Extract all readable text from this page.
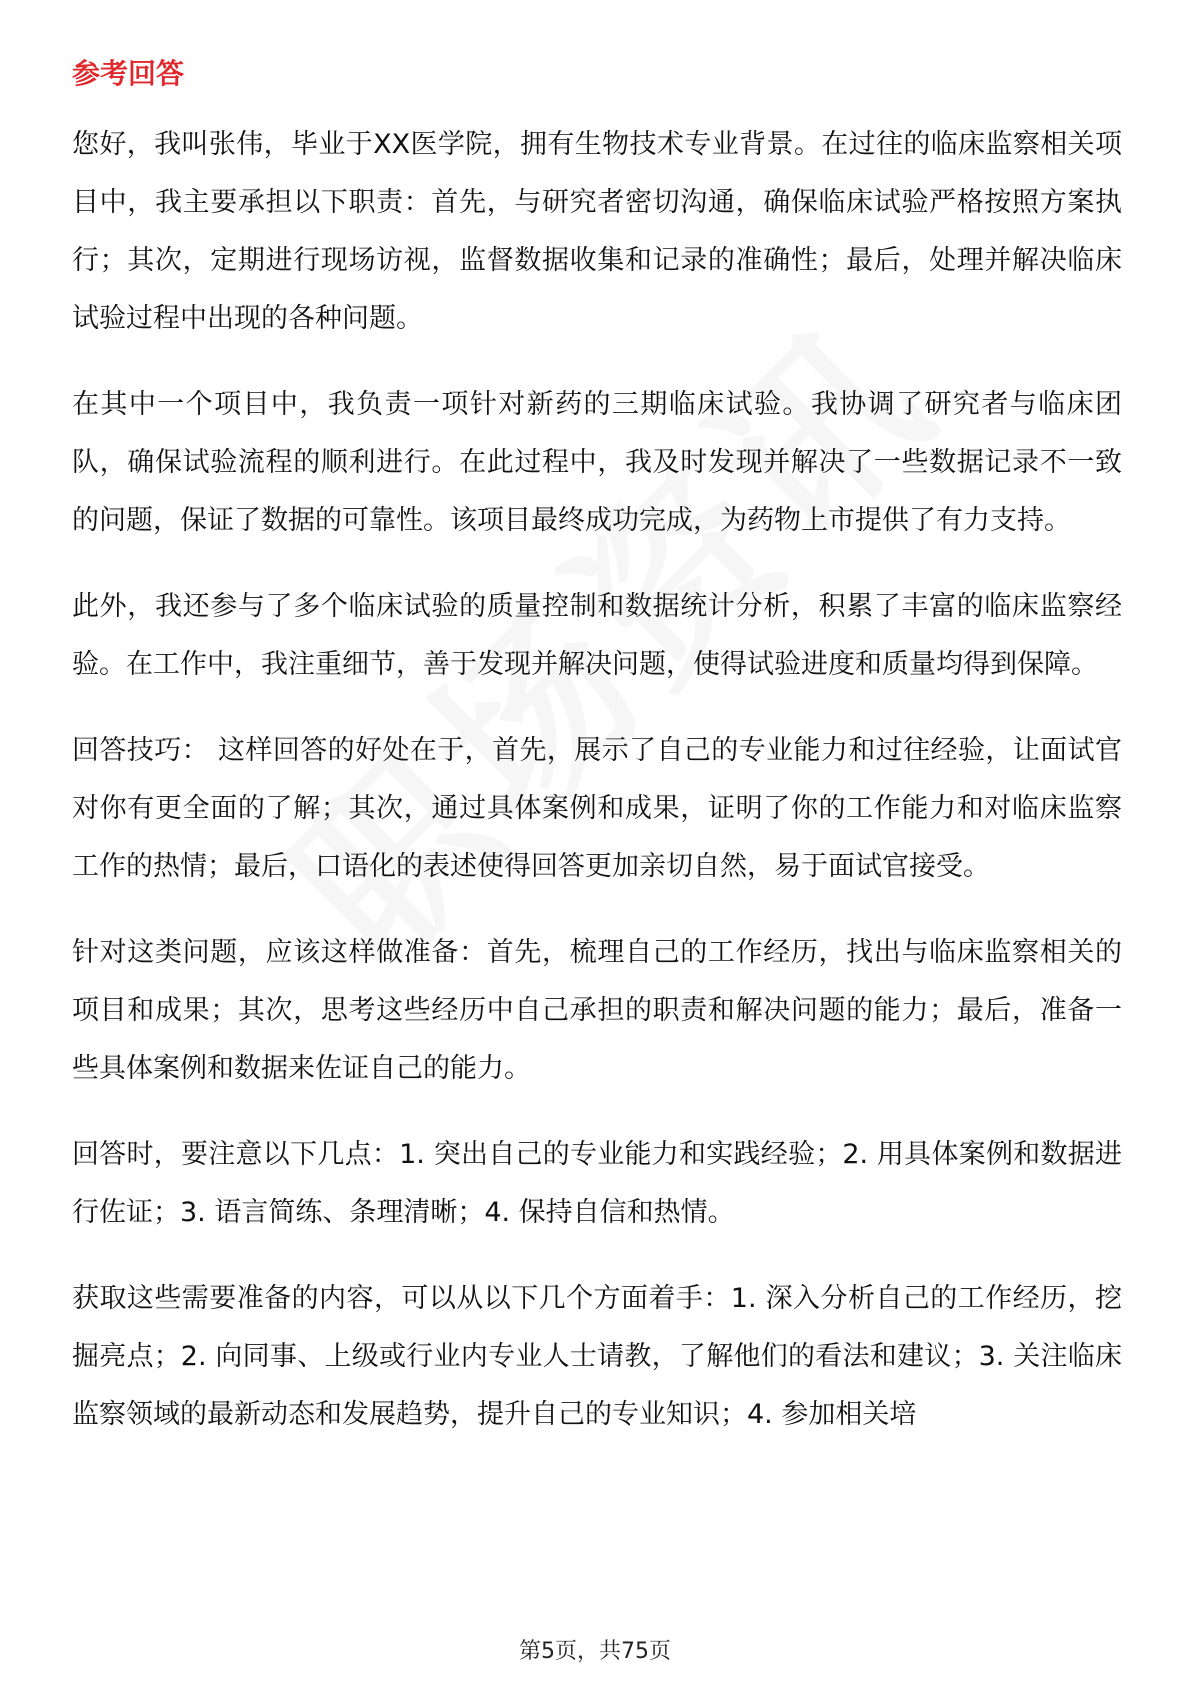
参考回答

您好，我叫张伟，毕业于XX医学院，拥有生物技术专业背景。在过往的临床监察相关项目中，我主要承担以下职责：首先，与研究者密切沟通，确保临床试验严格按照方案执行；其次，定期进行现场访视，监督数据收集和记录的准确性；最后，处理并解决临床试验过程中出现的各种问题。

在其中一个项目中，我负责一项针对新药的三期临床试验。我协调了研究者与临床团队，确保试验流程的顺利进行。在此过程中，我及时发现并解决了一些数据记录不一致的问题，保证了数据的可靠性。该项目最终成功完成，为药物上市提供了有力支持。

此外，我还参与了多个临床试验的质量控制和数据统计分析，积累了丰富的临床监察经验。在工作中，我注重细节，善于发现并解决问题，使得试验进度和质量均得到保障。

回答技巧： 这样回答的好处在于，首先，展示了自己的专业能力和过往经验，让面试官对你有更全面的了解；其次，通过具体案例和成果，证明了你的工作能力和对临床监察工作的热情；最后，口语化的表述使得回答更加亲切自然，易于面试官接受。

针对这类问题，应该这样做准备：首先，梳理自己的工作经历，找出与临床监察相关的项目和成果；其次，思考这些经历中自己承担的职责和解决问题的能力；最后，准备一些具体案例和数据来佐证自己的能力。

回答时，要注意以下几点：1. 突出自己的专业能力和实践经验；2. 用具体案例和数据进行佐证；3. 语言简练、条理清晰；4. 保持自信和热情。

获取这些需要准备的内容，可以从以下几个方面着手：1. 深入分析自己的工作经历，挖掘亮点；2. 向同事、上级或行业内专业人士请教，了解他们的看法和建议；3. 关注临床监察领域的最新动态和发展趋势，提升自己的专业知识；4. 参加相关培

第5页，共75页
